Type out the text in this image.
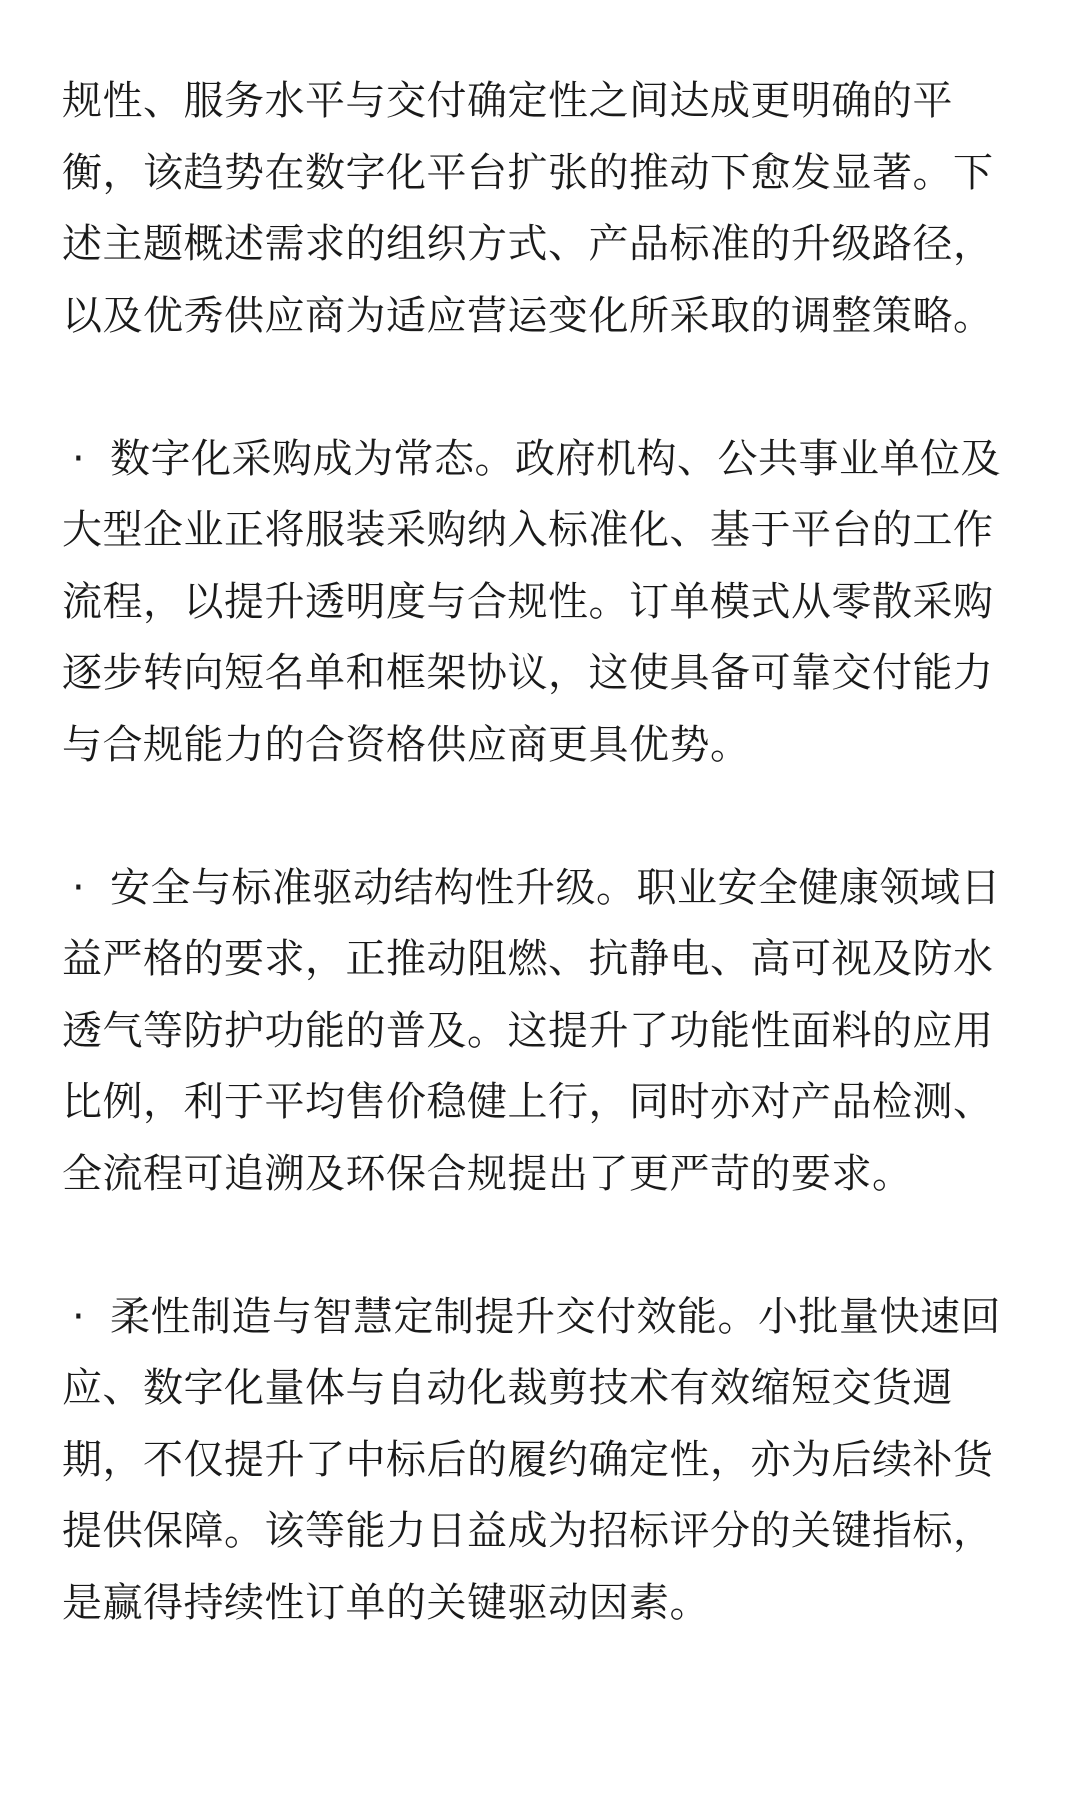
规性、服务水平与交付确定性之间达成更明确的平衡，该趋势在数字化平台扩张的推动下愈发显著。下述主题概述需求的组织方式、产品标准的升级路径，以及优秀供应商为适应营运变化所采取的调整策略。

· 数字化采购成为常态。政府机构、公共事业单位及大型企业正将服装采购纳入标准化、基于平台的工作流程，以提升透明度与合规性。订单模式从零散采购逐步转向短名单和框架协议，这使具备可靠交付能力与合规能力的合资格供应商更具优势。

· 安全与标准驱动结构性升级。职业安全健康领域日益严格的要求，正推动阻燃、抗静电、高可视及防水透气等防护功能的普及。这提升了功能性面料的应用比例，利于平均售价稳健上行，同时亦对产品检测、全流程可追溯及环保合规提出了更严苛的要求。

· 柔性制造与智慧定制提升交付效能。小批量快速回应、数字化量体与自动化裁剪技术有效缩短交货週期，不仅提升了中标后的履约确定性，亦为后续补货提供保障。该等能力日益成为招标评分的关键指标，是赢得持续性订单的关键驱动因素。
